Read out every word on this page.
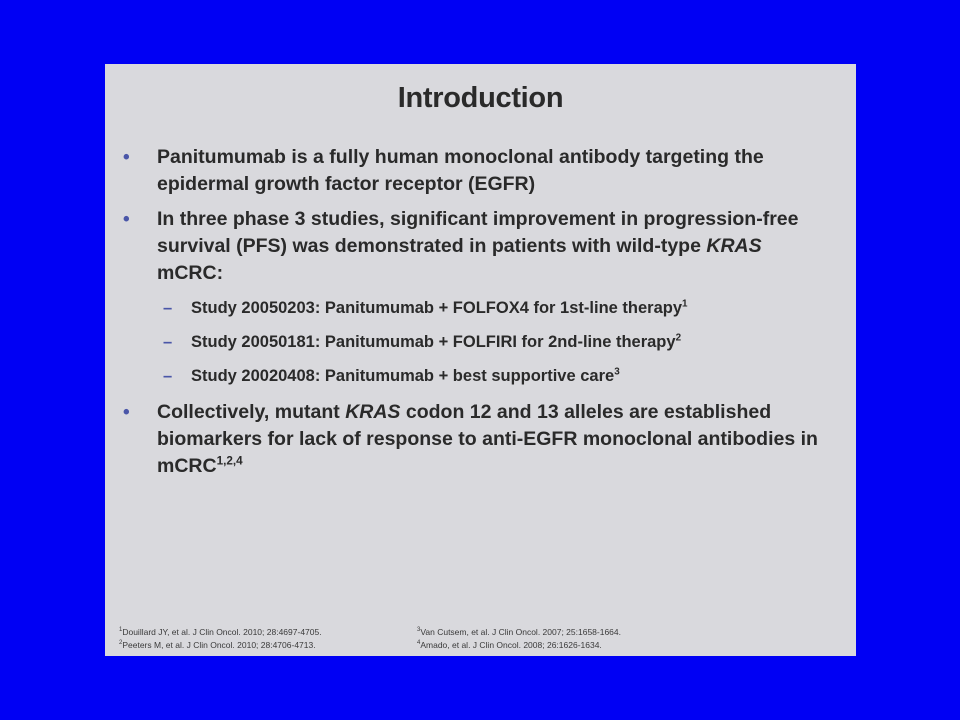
Introduction
• Panitumumab is a fully human monoclonal antibody targeting the epidermal growth factor receptor (EGFR)
• In three phase 3 studies, significant improvement in progression-free survival (PFS) was demonstrated in patients with wild-type KRAS mCRC:
– Study 20050203: Panitumumab + FOLFOX4 for 1st-line therapy$^1$
– Study 20050181: Panitumumab + FOLFIRI for 2nd-line therapy$^2$
– Study 20020408: Panitumumab + best supportive care$^3$
• Collectively, mutant KRAS codon 12 and 13 alleles are established biomarkers for lack of response to anti-EGFR monoclonal antibodies in mCRC$^{1,2,4}$
$^1$Douillard JY, et al. J Clin Oncol. 2010; 28:4697-4705.
$^2$Peeters M, et al. J Clin Oncol. 2010; 28:4706-4713.
$^3$Van Cutsem, et al. J Clin Oncol. 2007; 25:1658-1664.
$^4$Amado, et al. J Clin Oncol. 2008; 26:1626-1634.
